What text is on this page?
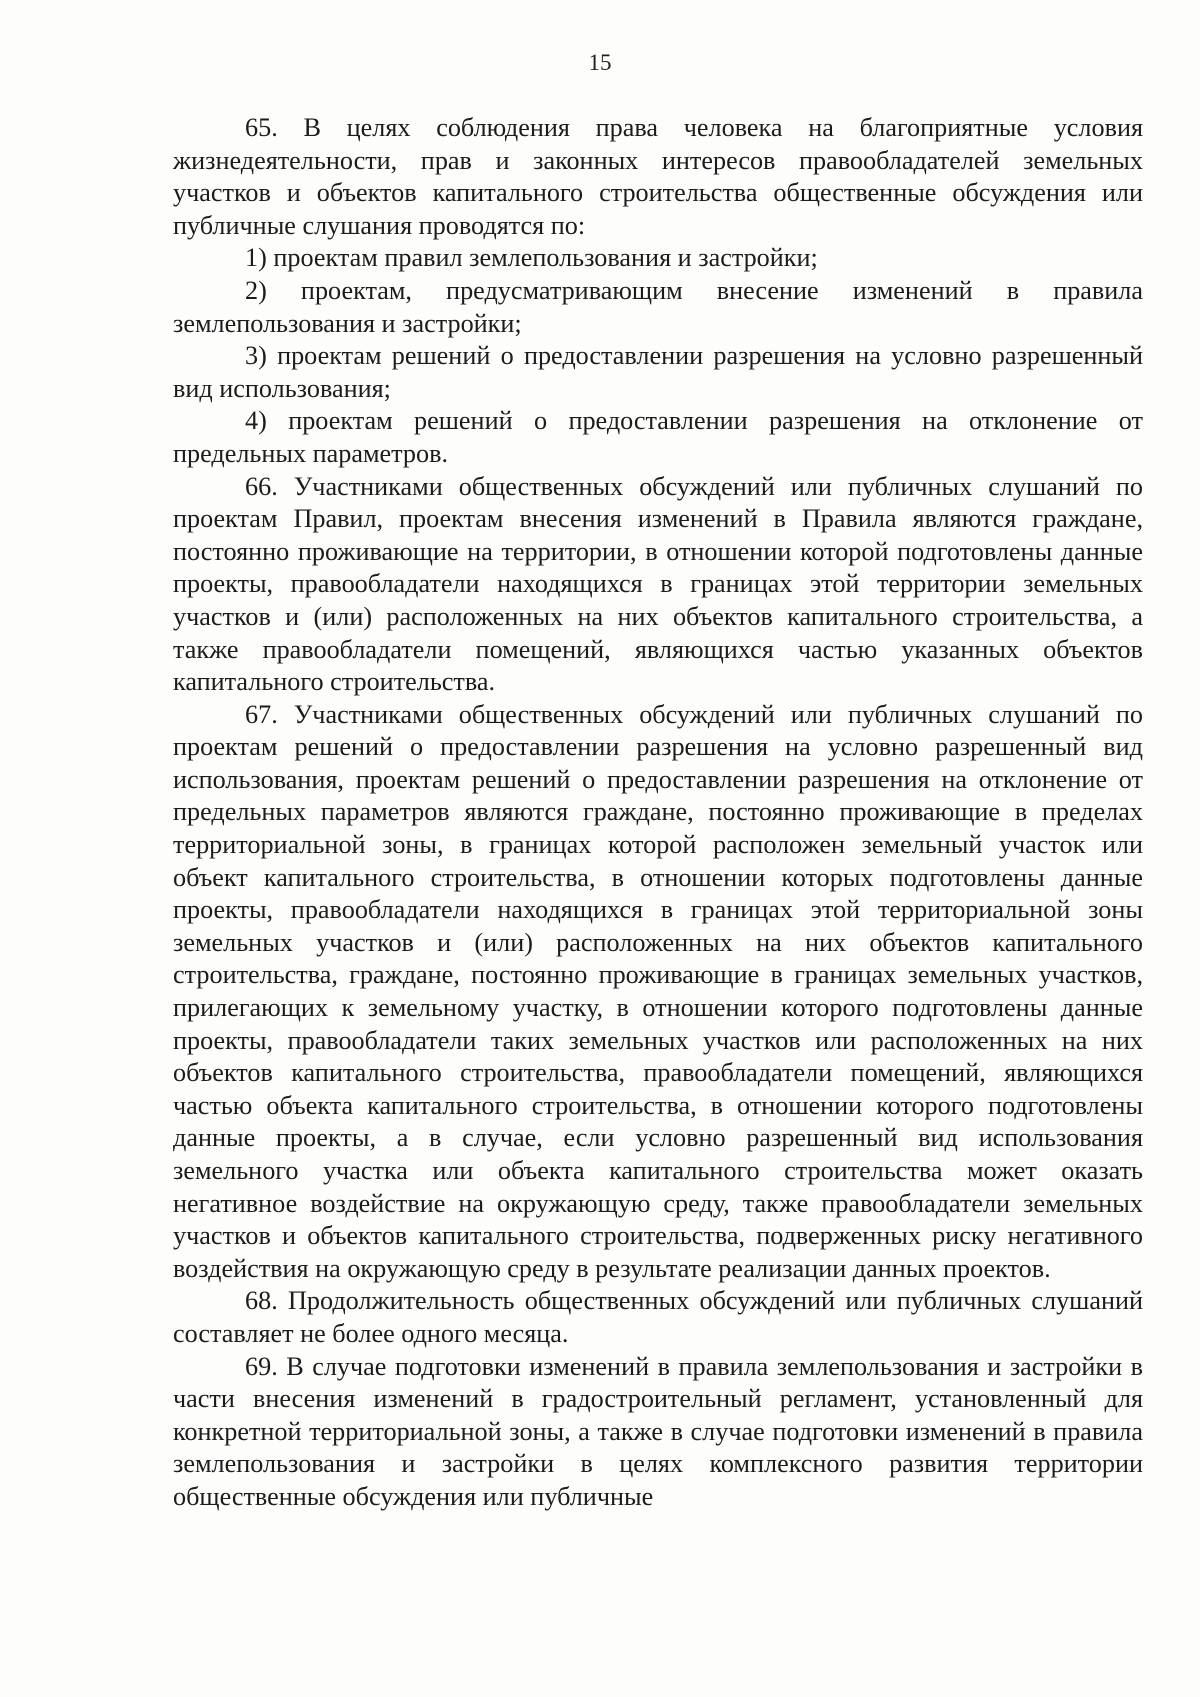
15

65. В целях соблюдения права человека на благоприятные условия жизнедеятельности, прав и законных интересов правообладателей земельных участков и объектов капитального строительства общественные обсуждения или публичные слушания проводятся по:

1) проектам правил землепользования и застройки;

2) проектам, предусматривающим внесение изменений в правила землепользования и застройки;

3) проектам решений о предоставлении разрешения на условно разрешенный вид использования;

4) проектам решений о предоставлении разрешения на отклонение от предельных параметров.

66. Участниками общественных обсуждений или публичных слушаний по проектам Правил, проектам внесения изменений в Правила являются граждане, постоянно проживающие на территории, в отношении которой подготовлены данные проекты, правообладатели находящихся в границах этой территории земельных участков и (или) расположенных на них объектов капитального строительства, а также правообладатели помещений, являющихся частью указанных объектов капитального строительства.

67. Участниками общественных обсуждений или публичных слушаний по проектам решений о предоставлении разрешения на условно разрешенный вид использования, проектам решений о предоставлении разрешения на отклонение от предельных параметров являются граждане, постоянно проживающие в пределах территориальной зоны, в границах которой расположен земельный участок или объект капитального строительства, в отношении которых подготовлены данные проекты, правообладатели находящихся в границах этой территориальной зоны земельных участков и (или) расположенных на них объектов капитального строительства, граждане, постоянно проживающие в границах земельных участков, прилегающих к земельному участку, в отношении которого подготовлены данные проекты, правообладатели таких земельных участков или расположенных на них объектов капитального строительства, правообладатели помещений, являющихся частью объекта капитального строительства, в отношении которого подготовлены данные проекты, а в случае, если условно разрешенный вид использования земельного участка или объекта капитального строительства может оказать негативное воздействие на окружающую среду, также правообладатели земельных участков и объектов капитального строительства, подверженных риску негативного воздействия на окружающую среду в результате реализации данных проектов.

68. Продолжительность общественных обсуждений или публичных слушаний составляет не более одного месяца.

69. В случае подготовки изменений в правила землепользования и застройки в части внесения изменений в градостроительный регламент, установленный для конкретной территориальной зоны, а также в случае подготовки изменений в правила землепользования и застройки в целях комплексного развития территории общественные обсуждения или публичные
